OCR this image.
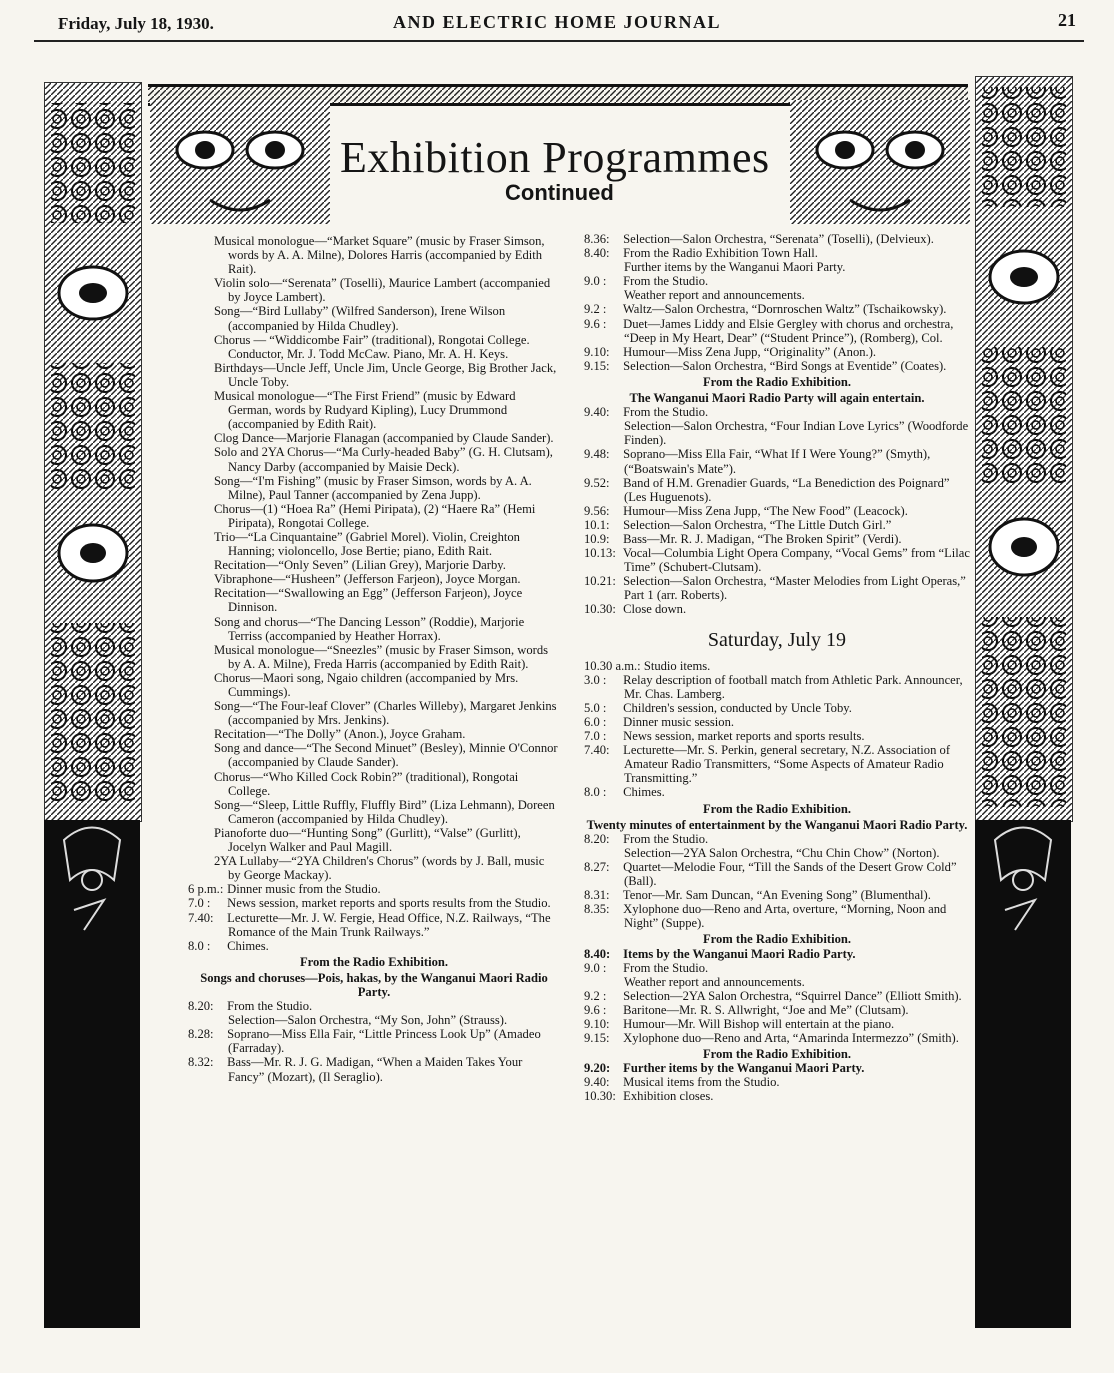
Friday, July 18, 1930.	AND ELECTRIC HOME JOURNAL	21
Exhibition Programmes
Continued

Musical monologue—“Market Square” (music by Fraser Simson, words by A. A. Milne), Dolores Harris (accompanied by Edith Rait).

Violin solo—“Serenata” (Toselli), Maurice Lambert (accompanied by Joyce Lambert).

Song—“Bird Lullaby” (Wilfred Sanderson), Irene Wilson (accompanied by Hilda Chudley).

Chorus — “Widdicombe Fair” (traditional), Rongotai College. Conductor, Mr. J. Todd McCaw. Piano, Mr. A. H. Keys.

Birthdays—Uncle Jeff, Uncle Jim, Uncle George, Big Brother Jack, Uncle Toby.

Musical monologue—“The First Friend” (music by Edward German, words by Rudyard Kipling), Lucy Drummond (accompanied by Edith Rait).

Clog Dance—Marjorie Flanagan (accompanied by Claude Sander).

Solo and 2YA Chorus—“Ma Curly-headed Baby” (G. H. Clutsam), Nancy Darby (accompanied by Maisie Deck).

Song—“I'm Fishing” (music by Fraser Simson, words by A. A. Milne), Paul Tanner (accompanied by Zena Jupp).

Chorus—(1) “Hoea Ra” (Hemi Piripata), (2) “Haere Ra” (Hemi Piripata), Rongotai College.

Trio—“La Cinquantaine” (Gabriel Morel). Violin, Creighton Hanning; violoncello, Jose Bertie; piano, Edith Rait.

Recitation—“Only Seven” (Lilian Grey), Marjorie Darby.

Vibraphone—“Husheen” (Jefferson Farjeon), Joyce Morgan.

Recitation—“Swallowing an Egg” (Jefferson Farjeon), Joyce Dinnison.

Song and chorus—“The Dancing Lesson” (Roddie), Marjorie Terriss (accompanied by Heather Horrax).

Musical monologue—“Sneezles” (music by Fraser Simson, words by A. A. Milne), Freda Harris (accompanied by Edith Rait).

Chorus—Maori song, Ngaio children (accompanied by Mrs. Cummings).

Song—“The Four-leaf Clover” (Charles Willeby), Margaret Jenkins (accompanied by Mrs. Jenkins).

Recitation—“The Dolly” (Anon.), Joyce Graham.

Song and dance—“The Second Minuet” (Besley), Minnie O'Connor (accompanied by Claude Sander).

Chorus—“Who Killed Cock Robin?” (traditional), Rongotai College.

Song—“Sleep, Little Ruffly, Fluffly Bird” (Liza Lehmann), Doreen Cameron (accompanied by Hilda Chudley).

Pianoforte duo—“Hunting Song” (Gurlitt), “Valse” (Gurlitt), Jocelyn Walker and Paul Magill.

2YA Lullaby—“2YA Children's Chorus” (words by J. Ball, music by George Mackay).

6 p.m.: Dinner music from the Studio.

7.0 : News session, market reports and sports results from the Studio.

7.40: Lecturette—Mr. J. W. Fergie, Head Office, N.Z. Railways, “The Romance of the Main Trunk Railways.”

8.0 : Chimes.

From the Radio Exhibition.

Songs and choruses—Pois, hakas, by the Wanganui Maori Radio Party.

8.20: From the Studio.

Selection—Salon Orchestra, “My Son, John” (Strauss).

8.28: Soprano—Miss Ella Fair, “Little Princess Look Up” (Amadeo (Farraday).

8.32: Bass—Mr. R. J. G. Madigan, “When a Maiden Takes Your Fancy” (Mozart), (Il Seraglio).

8.36: Selection—Salon Orchestra, “Serenata” (Toselli), (Delvieux).

8.40: From the Radio Exhibition Town Hall.

Further items by the Wanganui Maori Party.

9.0 : From the Studio.

Weather report and announcements.

9.2 : Waltz—Salon Orchestra, “Dornroschen Waltz” (Tschaikowsky).

9.6 : Duet—James Liddy and Elsie Gergley with chorus and orchestra, “Deep in My Heart, Dear” (“Student Prince”), (Romberg), Col.

9.10: Humour—Miss Zena Jupp, “Originality” (Anon.).

9.15: Selection—Salon Orchestra, “Bird Songs at Eventide” (Coates).

From the Radio Exhibition.

The Wanganui Maori Radio Party will again entertain.

9.40: From the Studio.

Selection—Salon Orchestra, “Four Indian Love Lyrics” (Woodforde Finden).

9.48: Soprano—Miss Ella Fair, “What If I Were Young?” (Smyth), (“Boatswain's Mate”).

9.52: Band of H.M. Grenadier Guards, “La Benediction des Poignard” (Les Huguenots).

9.56: Humour—Miss Zena Jupp, “The New Food” (Leacock).

10.1: Selection—Salon Orchestra, “The Little Dutch Girl.”

10.9: Bass—Mr. R. J. Madigan, “The Broken Spirit” (Verdi).

10.13: Vocal—Columbia Light Opera Company, “Vocal Gems” from “Lilac Time” (Schubert-Clutsam).

10.21: Selection—Salon Orchestra, “Master Melodies from Light Operas,” Part 1 (arr. Roberts).

10.30: Close down.

Saturday, July 19

10.30 a.m.: Studio items.

3.0 : Relay description of football match from Athletic Park. Announcer, Mr. Chas. Lamberg.

5.0 : Children's session, conducted by Uncle Toby.

6.0 : Dinner music session.

7.0 : News session, market reports and sports results.

7.40: Lecturette—Mr. S. Perkin, general secretary, N.Z. Association of Amateur Radio Transmitters, “Some Aspects of Amateur Radio Transmitting.”

8.0 : Chimes.

From the Radio Exhibition.

Twenty minutes of entertainment by the Wanganui Maori Radio Party.

8.20: From the Studio.

Selection—2YA Salon Orchestra, “Chu Chin Chow” (Norton).

8.27: Quartet—Melodie Four, “Till the Sands of the Desert Grow Cold” (Ball).

8.31: Tenor—Mr. Sam Duncan, “An Evening Song” (Blumenthal).

8.35: Xylophone duo—Reno and Arta, overture, “Morning, Noon and Night” (Suppe).

From the Radio Exhibition.

8.40: Items by the Wanganui Maori Radio Party.

9.0 : From the Studio.

Weather report and announcements.

9.2 : Selection—2YA Salon Orchestra, “Squirrel Dance” (Elliott Smith).

9.6 : Baritone—Mr. R. S. Allwright, “Joe and Me” (Clutsam).

9.10: Humour—Mr. Will Bishop will entertain at the piano.

9.15: Xylophone duo—Reno and Arta, “Amarinda Intermezzo” (Smith).

From the Radio Exhibition.

9.20: Further items by the Wanganui Maori Party.

9.40: Musical items from the Studio.

10.30: Exhibition closes.
